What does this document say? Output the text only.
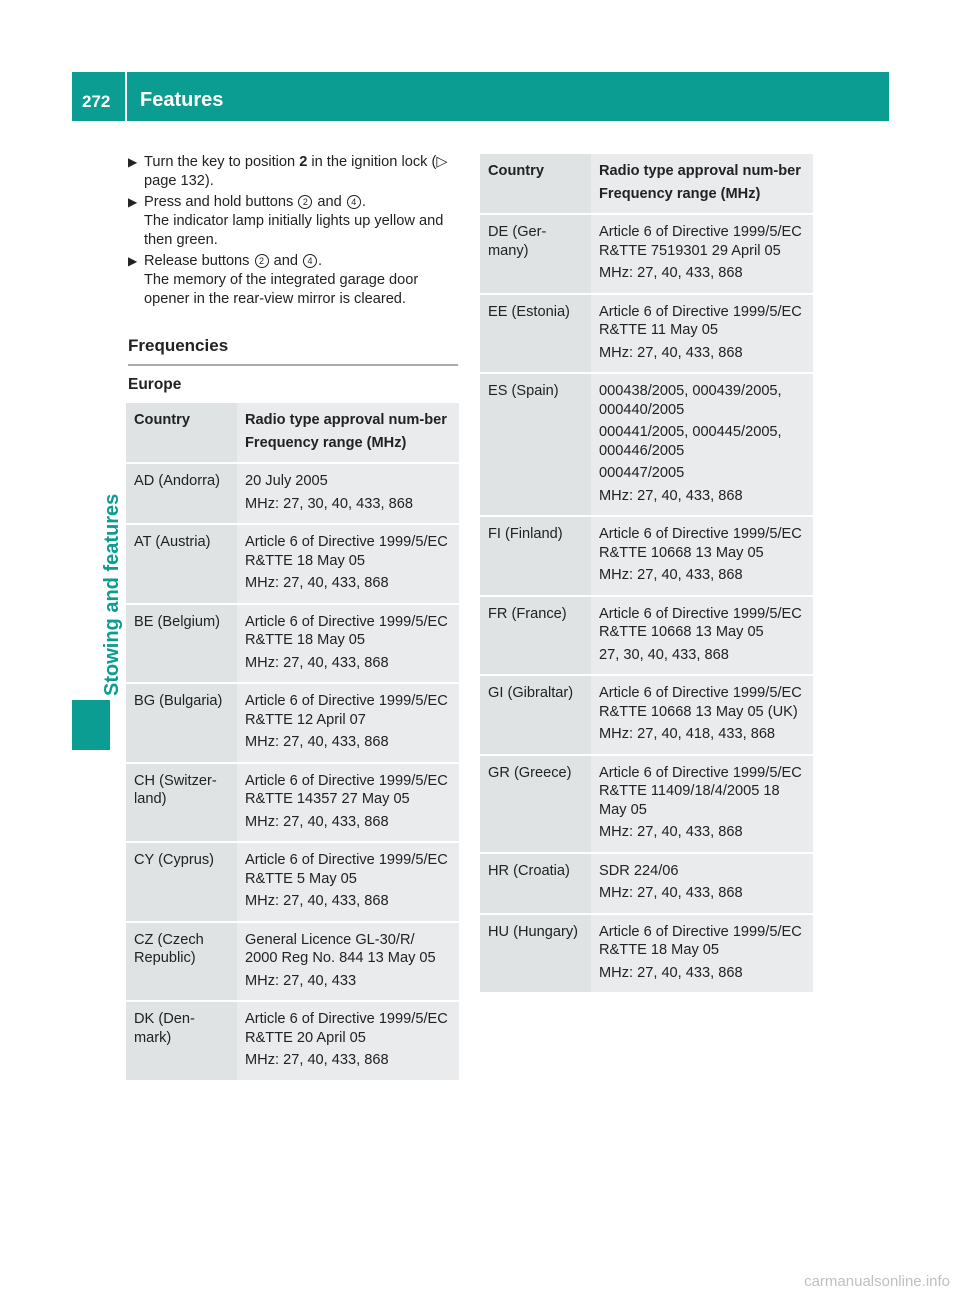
272 Features
Stowing and features
▶ Turn the key to position 2 in the ignition lock (▷ page 132).
▶ Press and hold buttons 2 and 4 .
The indicator lamp initially lights up yellow and then green.
▶ Release buttons 2 and 4 .
The memory of the integrated garage door opener in the rear-view mirror is cleared.
Frequencies
Europe
Country	Radio type approval num-ber
Frequency range (MHz)

AD (Andorra)	20 July 2005
MHz: 27, 30, 40, 433, 868

AT (Austria)	Article 6 of Directive 1999/5/EC R&TTE 18 May 05
MHz: 27, 40, 433, 868

BE (Belgium)	Article 6 of Directive 1999/5/EC R&TTE 18 May 05
MHz: 27, 40, 433, 868

BG (Bulgaria)	Article 6 of Directive 1999/5/EC R&TTE 12 April 07
MHz: 27, 40, 433, 868

CH (Switzer-land)	Article 6 of Directive 1999/5/EC R&TTE 14357 27 May 05
MHz: 27, 40, 433, 868

CY (Cyprus)	Article 6 of Directive 1999/5/EC R&TTE 5 May 05
MHz: 27, 40, 433, 868

CZ (Czech Republic)	General Licence GL-30/R/ 2000 Reg No. 844 13 May 05
MHz: 27, 40, 433

DK (Den-mark)	Article 6 of Directive 1999/5/EC R&TTE 20 April 05
MHz: 27, 40, 433, 868
Country	Radio type approval num-ber
Frequency range (MHz)

DE (Ger-many)	Article 6 of Directive 1999/5/EC R&TTE 7519301 29 April 05
MHz: 27, 40, 433, 868

EE (Estonia)	Article 6 of Directive 1999/5/EC R&TTE 11 May 05
MHz: 27, 40, 433, 868

ES (Spain)	000438/2005, 000439/2005, 000440/2005
000441/2005, 000445/2005, 000446/2005
000447/2005
MHz: 27, 40, 433, 868

FI (Finland)	Article 6 of Directive 1999/5/EC R&TTE 10668 13 May 05
MHz: 27, 40, 433, 868

FR (France)	Article 6 of Directive 1999/5/EC R&TTE 10668 13 May 05
27, 30, 40, 433, 868

GI (Gibraltar)	Article 6 of Directive 1999/5/EC R&TTE 10668 13 May 05 (UK)
MHz: 27, 40, 418, 433, 868

GR (Greece)	Article 6 of Directive 1999/5/EC R&TTE 11409/18/4/2005 18 May 05
MHz: 27, 40, 433, 868

HR (Croatia)	SDR 224/06
MHz: 27, 40, 433, 868

HU (Hungary)	Article 6 of Directive 1999/5/EC R&TTE 18 May 05
MHz: 27, 40, 433, 868
carmanualsonline.info
